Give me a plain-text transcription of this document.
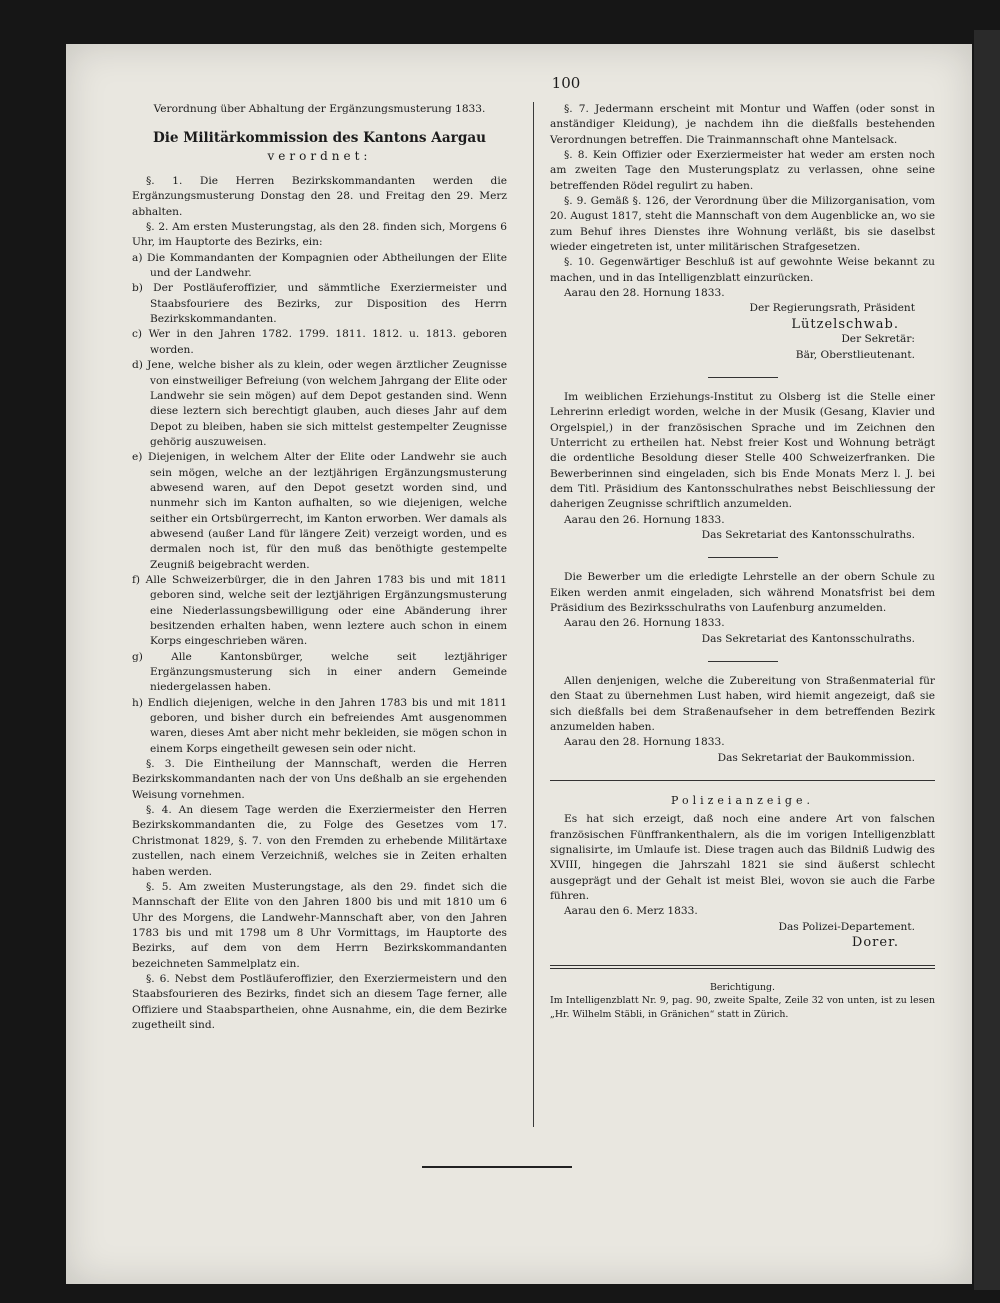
100

Verordnung über Abhaltung der Ergänzungsmusterung 1833.

Die Militärkommission des Kantons Aargau

verordnet:

§. 1. Die Herren Bezirkskommandanten werden die Ergänzungsmusterung Donstag den 28. und Freitag den 29. Merz abhalten.

§. 2. Am ersten Musterungstag, als den 28. finden sich, Morgens 6 Uhr, im Hauptorte des Bezirks, ein:

a) Die Kommandanten der Kompagnien oder Abtheilungen der Elite und der Landwehr.

b) Der Postläuferoffizier, und sämmtliche Exerziermeister und Staabsfouriere des Bezirks, zur Disposition des Herrn Bezirkskommandanten.

c) Wer in den Jahren 1782. 1799. 1811. 1812. u. 1813. geboren worden.

d) Jene, welche bisher als zu klein, oder wegen ärztlicher Zeugnisse von einstweiliger Befreiung (von welchem Jahrgang der Elite oder Landwehr sie sein mögen) auf dem Depot gestanden sind. Wenn diese leztern sich berechtigt glauben, auch dieses Jahr auf dem Depot zu bleiben, haben sie sich mittelst gestempelter Zeugnisse gehörig auszuweisen.

e) Diejenigen, in welchem Alter der Elite oder Landwehr sie auch sein mögen, welche an der leztjährigen Ergänzungsmusterung abwesend waren, auf den Depot gesetzt worden sind, und nunmehr sich im Kanton aufhalten, so wie diejenigen, welche seither ein Ortsbürgerrecht, im Kanton erworben. Wer damals als abwesend (außer Land für längere Zeit) verzeigt worden, und es dermalen noch ist, für den muß das benöthigte gestempelte Zeugniß beigebracht werden.

f) Alle Schweizerbürger, die in den Jahren 1783 bis und mit 1811 geboren sind, welche seit der leztjährigen Ergänzungsmusterung eine Niederlassungsbewilligung oder eine Abänderung ihrer besitzenden erhalten haben, wenn leztere auch schon in einem Korps eingeschrieben wären.

g) Alle Kantonsbürger, welche seit leztjähriger Ergänzungsmusterung sich in einer andern Gemeinde niedergelassen haben.

h) Endlich diejenigen, welche in den Jahren 1783 bis und mit 1811 geboren, und bisher durch ein befreiendes Amt ausgenommen waren, dieses Amt aber nicht mehr bekleiden, sie mögen schon in einem Korps eingetheilt gewesen sein oder nicht.

§. 3. Die Eintheilung der Mannschaft, werden die Herren Bezirkskommandanten nach der von Uns deßhalb an sie ergehenden Weisung vornehmen.

§. 4. An diesem Tage werden die Exerziermeister den Herren Bezirkskommandanten die, zu Folge des Gesetzes vom 17. Christmonat 1829, §. 7. von den Fremden zu erhebende Militärtaxe zustellen, nach einem Verzeichniß, welches sie in Zeiten erhalten haben werden.

§. 5. Am zweiten Musterungstage, als den 29. findet sich die Mannschaft der Elite von den Jahren 1800 bis und mit 1810 um 6 Uhr des Morgens, die Landwehr-Mannschaft aber, von den Jahren 1783 bis und mit 1798 um 8 Uhr Vormittags, im Hauptorte des Bezirks, auf dem von dem Herrn Bezirkskommandanten bezeichneten Sammelplatz ein.

§. 6. Nebst dem Postläuferoffizier, den Exerziermeistern und den Staabsfourieren des Bezirks, findet sich an diesem Tage ferner, alle Offiziere und Staabspartheien, ohne Ausnahme, ein, die dem Bezirke zugetheilt sind.

§. 7. Jedermann erscheint mit Montur und Waffen (oder sonst in anständiger Kleidung), je nachdem ihn die dießfalls bestehenden Verordnungen betreffen. Die Trainmannschaft ohne Mantelsack.

§. 8. Kein Offizier oder Exerziermeister hat weder am ersten noch am zweiten Tage den Musterungsplatz zu verlassen, ohne seine betreffenden Rödel regulirt zu haben.

§. 9. Gemäß §. 126, der Verordnung über die Milizorganisation, vom 20. August 1817, steht die Mannschaft von dem Augenblicke an, wo sie zum Behuf ihres Dienstes ihre Wohnung verläßt, bis sie daselbst wieder eingetreten ist, unter militärischen Strafgesetzen.

§. 10. Gegenwärtiger Beschluß ist auf gewohnte Weise bekannt zu machen, und in das Intelligenzblatt einzurücken.

Aarau den 28. Hornung 1833.

Der Regierungsrath, Präsident

Lützelschwab.

Der Sekretär:

Bär, Oberstlieutenant.

Im weiblichen Erziehungs-Institut zu Olsberg ist die Stelle einer Lehrerinn erledigt worden, welche in der Musik (Gesang, Klavier und Orgelspiel,) in der französischen Sprache und im Zeichnen den Unterricht zu ertheilen hat. Nebst freier Kost und Wohnung beträgt die ordentliche Besoldung dieser Stelle 400 Schweizerfranken. Die Bewerberinnen sind eingeladen, sich bis Ende Monats Merz l. J. bei dem Titl. Präsidium des Kantonsschulrathes nebst Beischliessung der daherigen Zeugnisse schriftlich anzumelden.

Aarau den 26. Hornung 1833.

Das Sekretariat des Kantonsschulraths.

Die Bewerber um die erledigte Lehrstelle an der obern Schule zu Eiken werden anmit eingeladen, sich während Monatsfrist bei dem Präsidium des Bezirksschulraths von Laufenburg anzumelden.

Aarau den 26. Hornung 1833.

Das Sekretariat des Kantonsschulraths.

Allen denjenigen, welche die Zubereitung von Straßenmaterial für den Staat zu übernehmen Lust haben, wird hiemit angezeigt, daß sie sich dießfalls bei dem Straßenaufseher in dem betreffenden Bezirk anzumelden haben.

Aarau den 28. Hornung 1833.

Das Sekretariat der Baukommission.

Polizeianzeige.

Es hat sich erzeigt, daß noch eine andere Art von falschen französischen Fünffrankenthalern, als die im vorigen Intelligenzblatt signalisirte, im Umlaufe ist. Diese tragen auch das Bildniß Ludwig des XVIII, hingegen die Jahrszahl 1821 sie sind äußerst schlecht ausgeprägt und der Gehalt ist meist Blei, wovon sie auch die Farbe führen.

Aarau den 6. Merz 1833.

Das Polizei-Departement.

Dorer.

Berichtigung.

Im Intelligenzblatt Nr. 9, pag. 90, zweite Spalte, Zeile 32 von unten, ist zu lesen „Hr. Wilhelm Stäbli, in Gränichen“ statt in Zürich.
